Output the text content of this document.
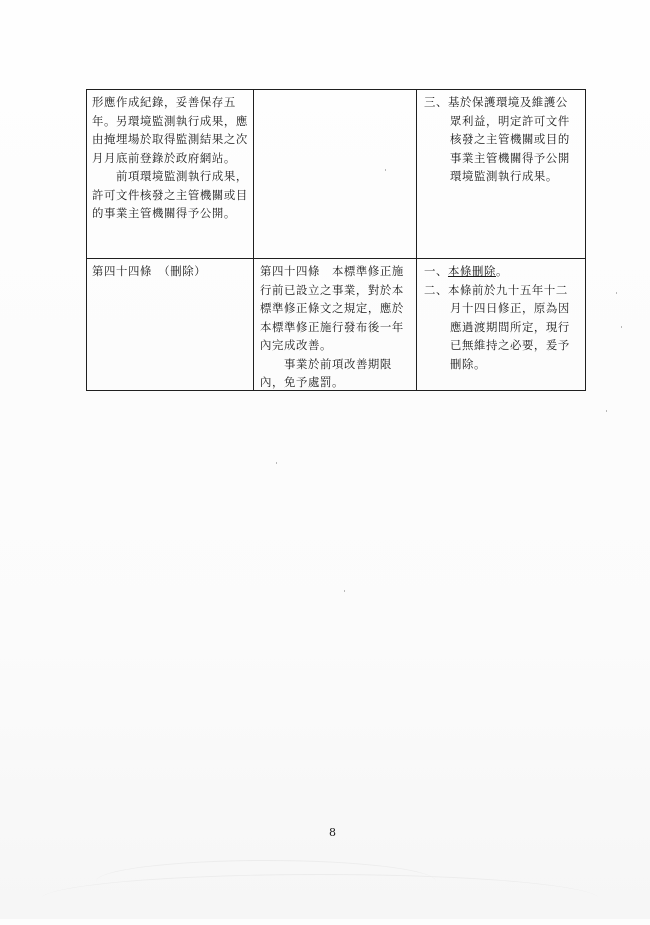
形應作成紀錄，妥善保存五年。另環境監測執行成果，應由掩埋場於取得監測結果之次月月底前登錄於政府網站。

前項環境監測執行成果，許可文件核發之主管機關或目的事業主管機關得予公開。

三、基於保護環境及維護公眾利益，明定許可文件核發之主管機關或目的事業主管機關得予公開環境監測執行成果。

第四十四條　（刪除）	第四十四條　本標準修正施行前已設立之事業，對於本標準修正條文之規定，應於本標準修正施行發布後一年內完成改善。

事業於前項改善期限內，免予處罰。

一、本條刪除。

二、本條前於九十五年十二月十四日修正，原為因應過渡期間所定，現行已無維持之必要，爰予刪除。

8
